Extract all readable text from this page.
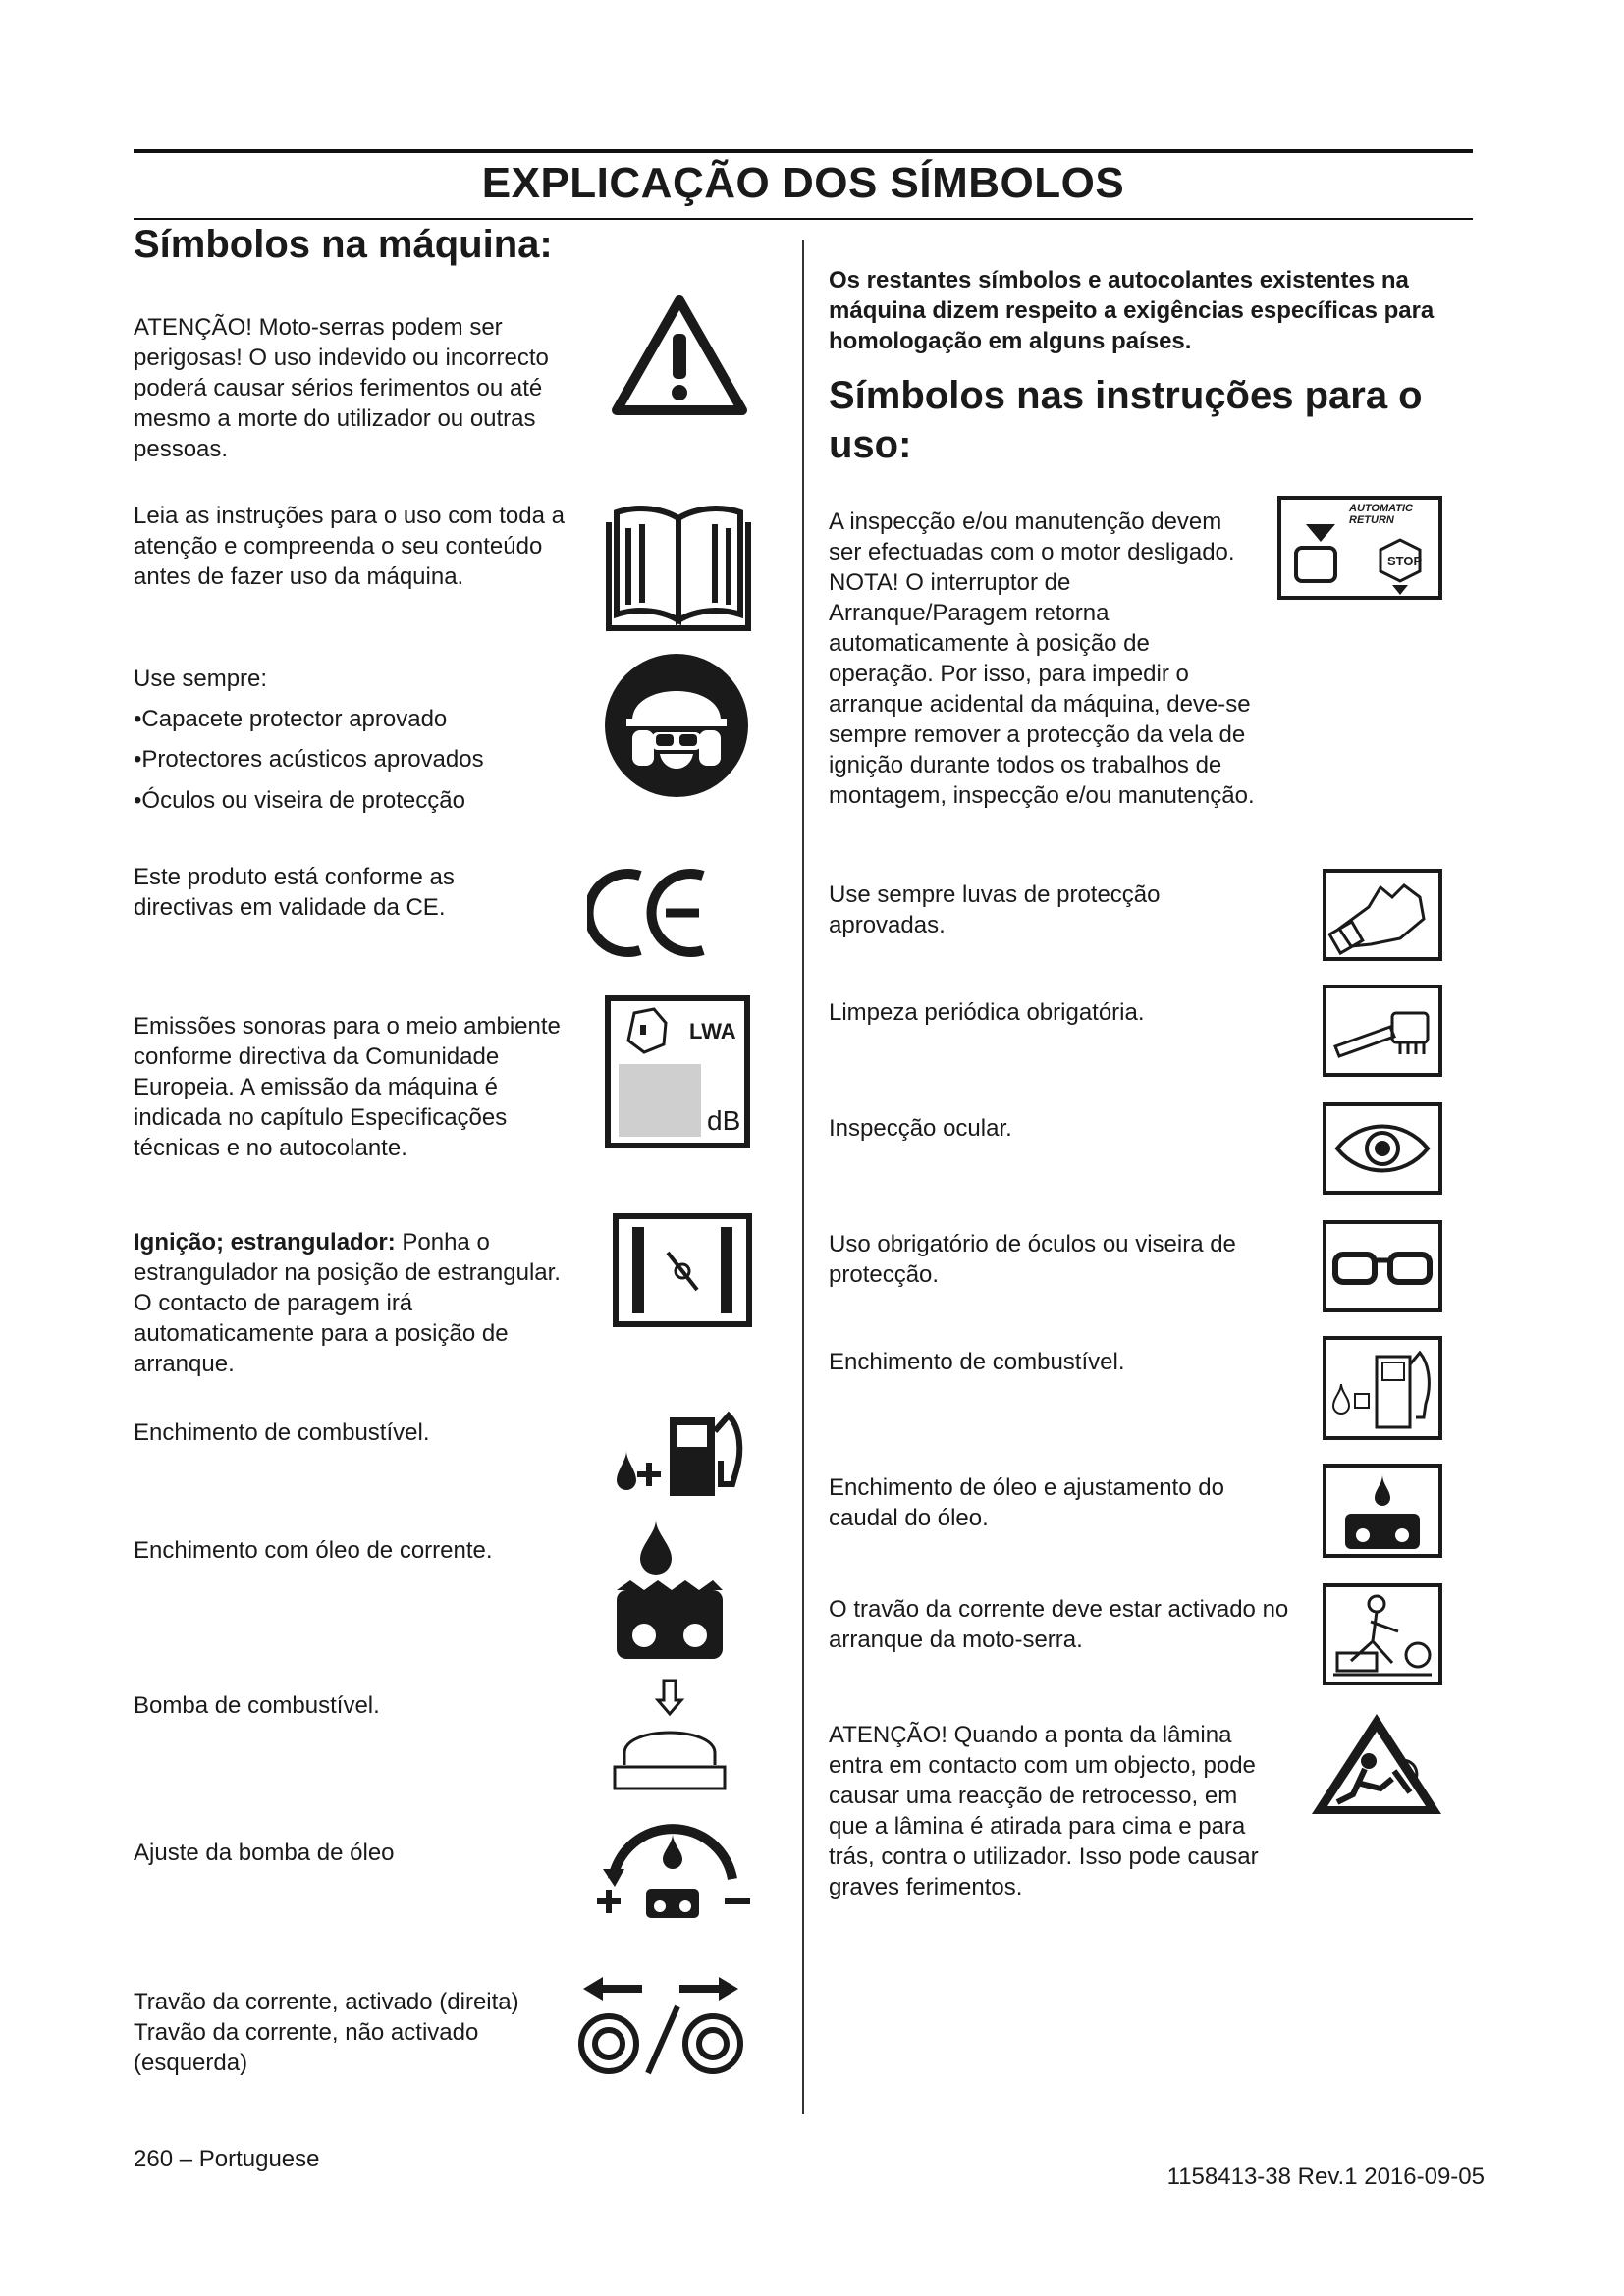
EXPLICAÇÃO DOS SÍMBOLOS
Símbolos na máquina:
ATENÇÃO! Moto-serras podem ser perigosas! O uso indevido ou incorrecto poderá causar sérios ferimentos ou até mesmo a morte do utilizador ou outras pessoas.
Leia as instruções para o uso com toda a atenção e compreenda o seu conteúdo antes de fazer uso da máquina.
Use sempre:
• Capacete protector aprovado
• Protectores acústicos aprovados
• Óculos ou viseira de protecção
Este produto está conforme as directivas em validade da CE.
Emissões sonoras para o meio ambiente conforme directiva da Comunidade Europeia. A emissão da máquina é indicada no capítulo Especificações técnicas e no autocolante.
LWA
dB
Ignição; estrangulador: Ponha o estrangulador na posição de estrangular. O contacto de paragem irá automaticamente para a posição de arranque.
Enchimento de combustível.
Enchimento com óleo de corrente.
Bomba de combustível.
Ajuste da bomba de óleo
Travão da corrente, activado (direita) Travão da corrente, não activado (esquerda)
Os restantes símbolos e autocolantes existentes na máquina dizem respeito a exigências específicas para homologação em alguns países.
Símbolos nas instruções para o uso:
A inspecção e/ou manutenção devem ser efectuadas com o motor desligado. NOTA! O interruptor de Arranque/Paragem retorna automaticamente à posição de operação. Por isso, para impedir o arranque acidental da máquina, deve-se sempre remover a protecção da vela de ignição durante todos os trabalhos de montagem, inspecção e/ou manutenção.
AUTOMATIC RETURN
STOP
Use sempre luvas de protecção aprovadas.
Limpeza periódica obrigatória.
Inspecção ocular.
Uso obrigatório de óculos ou viseira de protecção.
Enchimento de combustível.
Enchimento de óleo e ajustamento do caudal do óleo.
O travão da corrente deve estar activado no arranque da moto-serra.
ATENÇÃO! Quando a ponta da lâmina entra em contacto com um objecto, pode causar uma reacção de retrocesso, em que a lâmina é atirada para cima e para trás, contra o utilizador. Isso pode causar graves ferimentos.
260 – Portuguese
1158413-38 Rev.1 2016-09-05
